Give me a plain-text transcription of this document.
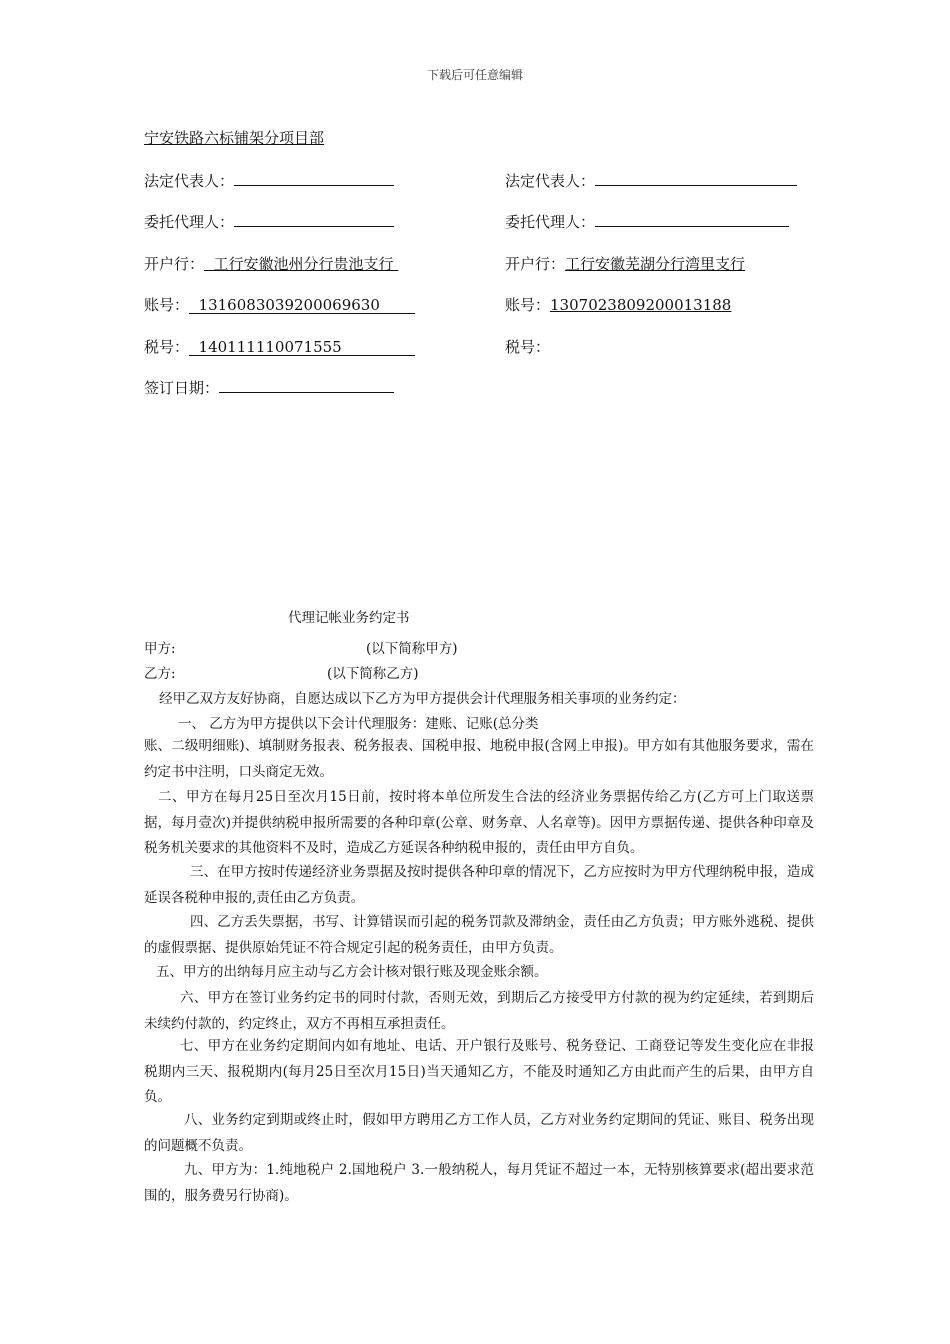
下载后可任意编辑
宁安铁路六标铺架分项目部
法定代表人：	法定代表人：
委托代理人：	委托代理人：
开户行：  工行安徽池州分行贵池支行	开户行：工行安徽芜湖分行湾里支行
账号：  1316083039200069630	账号：1307023809200013188
税号：  140111110071555	税号：
签订日期：
代理记帐业务约定书
甲方:	(以下简称甲方)
乙方:	(以下简称乙方)
经甲乙双方友好协商，自愿达成以下乙方为甲方提供会计代理服务相关事项的业务约定：
一、 乙方为甲方提供以下会计代理服务：建账、记账(总分类
账、二级明细账)、填制财务报表、税务报表、国税申报、地税申报(含网上申报)。甲方如有其他服务要求，需在约定书中注明，口头商定无效。
二、甲方在每月25日至次月15日前，按时将本单位所发生合法的经济业务票据传给乙方(乙方可上门取送票据，每月壹次)并提供纳税申报所需要的各种印章(公章、财务章、人名章等)。因甲方票据传递、提供各种印章及税务机关要求的其他资料不及时，造成乙方延误各种纳税申报的，责任由甲方自负。
三、在甲方按时传递经济业务票据及按时提供各种印章的情况下，乙方应按时为甲方代理纳税申报，造成延误各税种申报的,责任由乙方负责。
四、乙方丢失票据，书写、计算错误而引起的税务罚款及滞纳金，责任由乙方负责；甲方账外逃税、提供的虚假票据、提供原始凭证不符合规定引起的税务责任，由甲方负责。
五、甲方的出纳每月应主动与乙方会计核对银行账及现金账余额。
六、甲方在签订业务约定书的同时付款，否则无效，到期后乙方接受甲方付款的视为约定延续，若到期后未续约付款的，约定终止，双方不再相互承担责任。
七、甲方在业务约定期间内如有地址、电话、开户银行及账号、税务登记、工商登记等发生变化应在非报税期内三天、报税期内(每月25日至次月15日)当天通知乙方，不能及时通知乙方由此而产生的后果，由甲方自负。
八、业务约定到期或终止时，假如甲方聘用乙方工作人员，乙方对业务约定期间的凭证、账目、税务出现的问题概不负责。
九、甲方为：1.纯地税户 2.国地税户 3.一般纳税人，每月凭证不超过一本，无特别核算要求(超出要求范围的，服务费另行协商)。
